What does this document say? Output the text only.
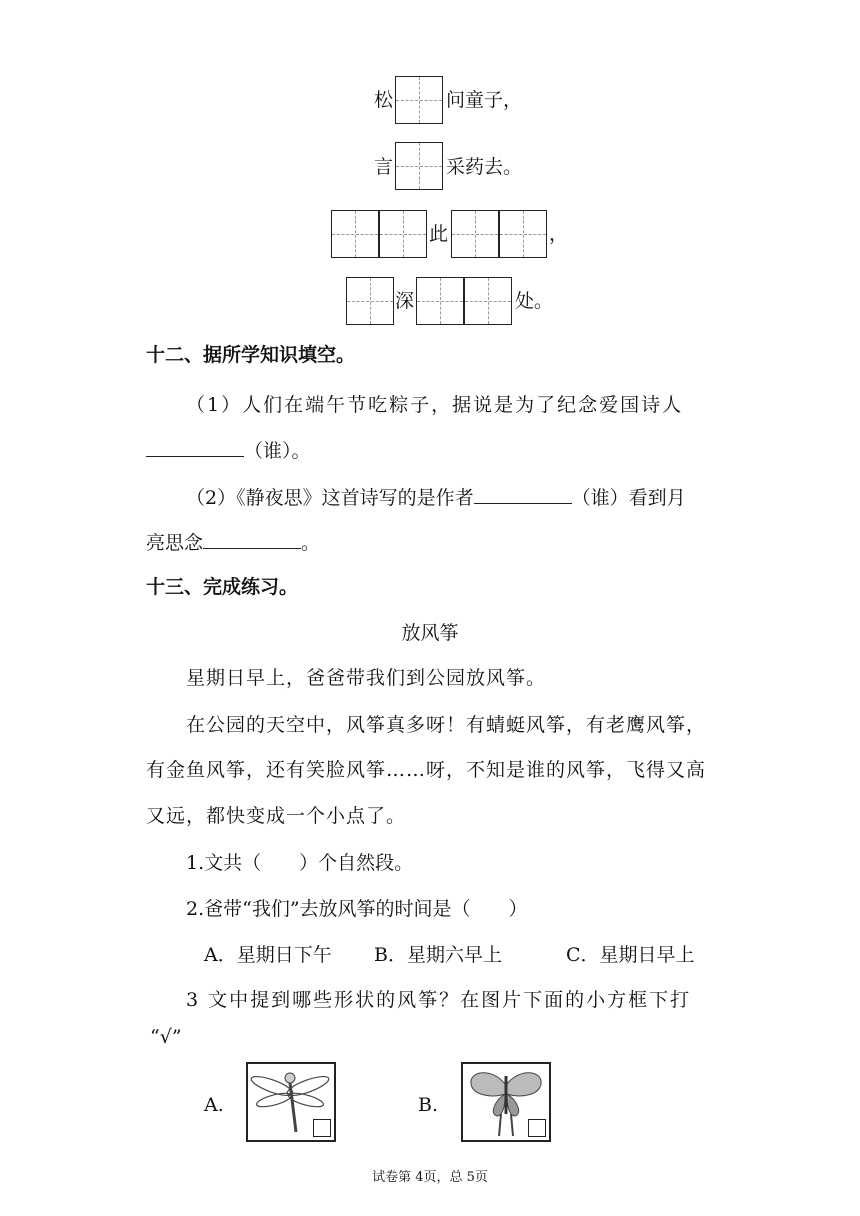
松	问童子，
言	采药去。
此	，
深	处。
十二、据所学知识填空。
（1）人们在端午节吃粽子，据说是为了纪念爱国诗人
（谁）。
（2）《静夜思》这首诗写的是作者	（谁）看到月
亮思念	。
十三、完成练习。
放风筝
星期日早上，爸爸带我们到公园放风筝。
在公园的天空中，风筝真多呀！有蜻蜓风筝，有老鹰风筝，
有金鱼风筝，还有笑脸风筝……呀，不知是谁的风筝，飞得又高
又远，都快变成一个小点了。
1.文共（　　）个自然段。
2.爸带“我们”去放风筝的时间是（　　）
A．星期日下午 B．星期六早上	C．星期日早上
3 文中提到哪些形状的风筝？在图片下面的小方框下打
“√”
A.	B.
试卷第 4页，总 5页
